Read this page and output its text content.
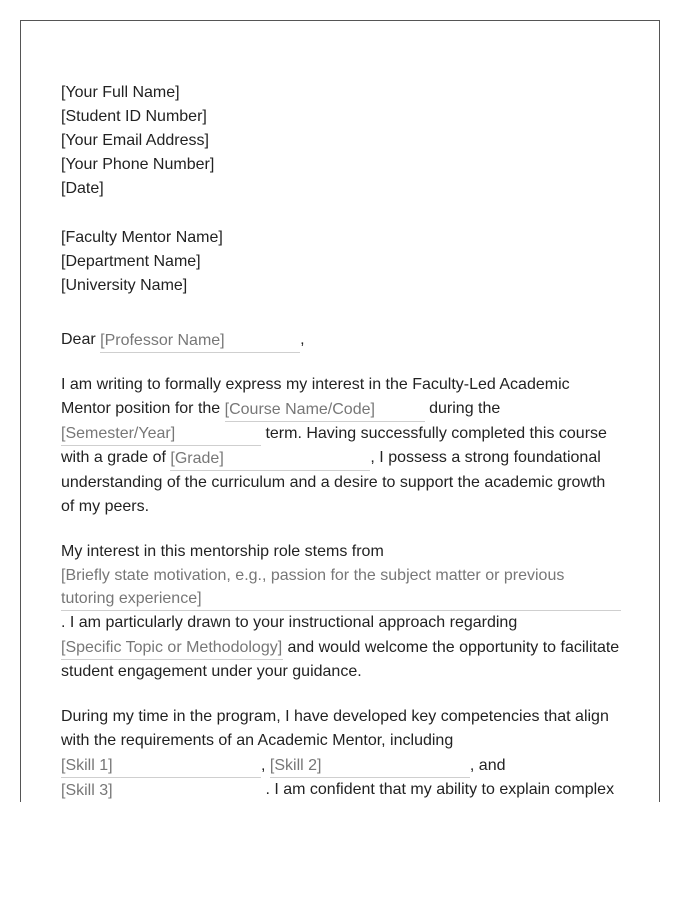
[Your Full Name]

[Student ID Number]

[Your Email Address]

[Your Phone Number]

[Date]

[Faculty Mentor Name]

[Department Name]

[University Name]

Dear [Professor Name]	,

I am writing to formally express my interest in the Faculty-Led Academic Mentor position for the [Course Name/Code]	during the [Semester/Year]	term. Having successfully completed this course with a grade of [Grade]	, I possess a strong foundational understanding of the curriculum and a desire to support the academic growth of my peers.

My interest in this mentorship role stems from
[Briefly state motivation, e.g., passion for the subject matter or previous tutoring experience]
. I am particularly drawn to your instructional approach regarding [Specific Topic or Methodology] and would welcome the opportunity to facilitate student engagement under your guidance.

During my time in the program, I have developed key competencies that align with the requirements of an Academic Mentor, including
[Skill 1]	, [Skill 2]	, and
[Skill 3]	. I am confident that my ability to explain complex
